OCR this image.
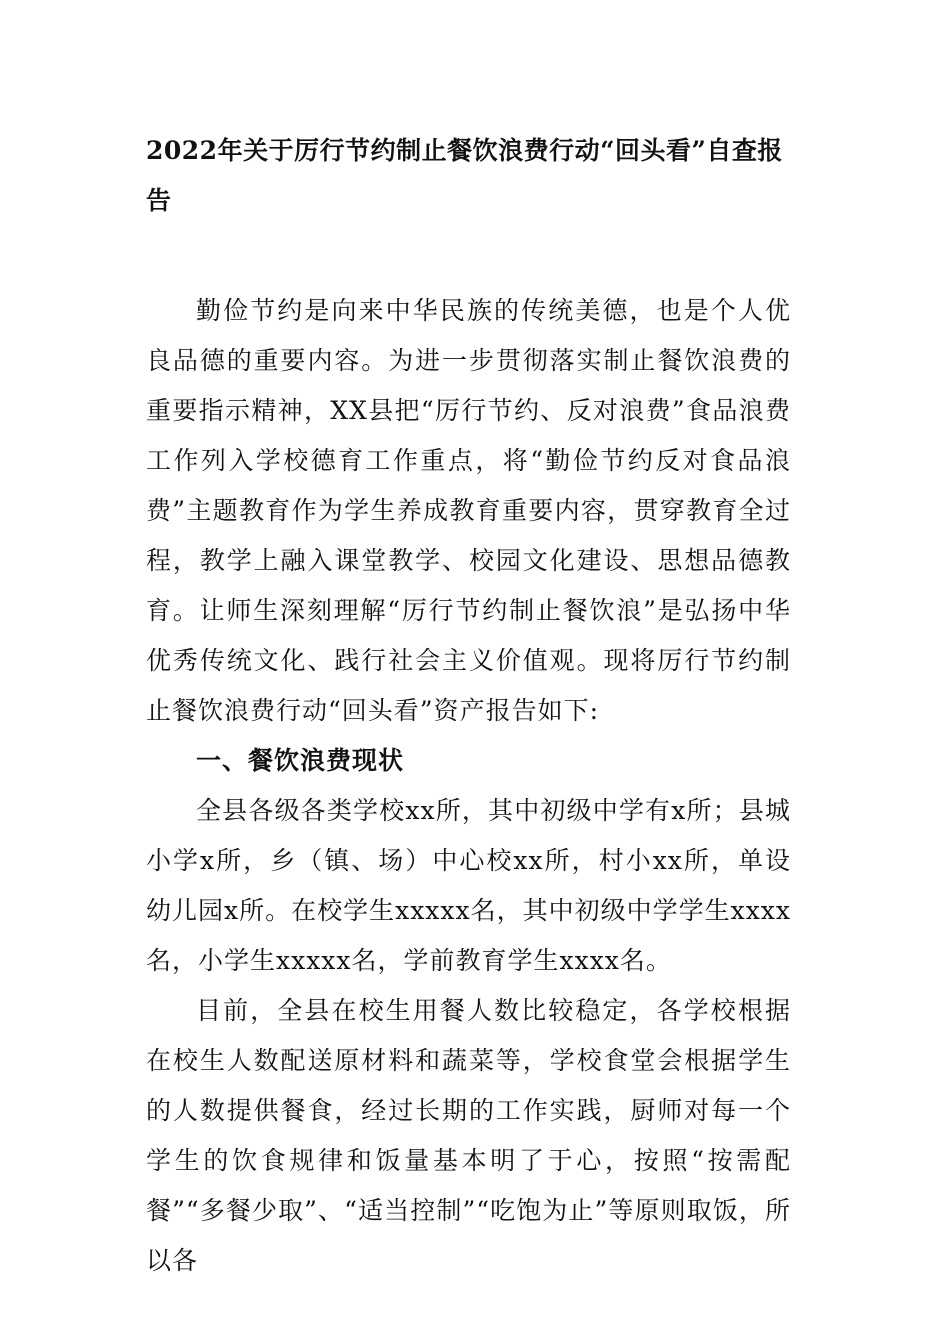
2022年关于厉行节约制止餐饮浪费行动“回头看”自查报告

勤俭节约是向来中华民族的传统美德，也是个人优良品德的重要内容。为进一步贯彻落实制止餐饮浪费的重要指示精神，XX县把“厉行节约、反对浪费”食品浪费工作列入学校德育工作重点，将“勤俭节约反对食品浪费”主题教育作为学生养成教育重要内容，贯穿教育全过程，教学上融入课堂教学、校园文化建设、思想品德教育。让师生深刻理解“厉行节约制止餐饮浪”是弘扬中华优秀传统文化、践行社会主义价值观。现将厉行节约制止餐饮浪费行动“回头看”资产报告如下:

一、餐饮浪费现状

全县各级各类学校xx所，其中初级中学有x所；县城小学x所，乡（镇、场）中心校xx所，村小xx所，单设幼儿园x所。在校学生xxxxx名，其中初级中学学生xxxx名，小学生xxxxx名，学前教育学生xxxx名。

目前，全县在校生用餐人数比较稳定，各学校根据在校生人数配送原材料和蔬菜等，学校食堂会根据学生的人数提供餐食，经过长期的工作实践，厨师对每一个学生的饮食规律和饭量基本明了于心，按照“按需配餐”“多餐少取”、“适当控制”“吃饱为止”等原则取饭，所以各
